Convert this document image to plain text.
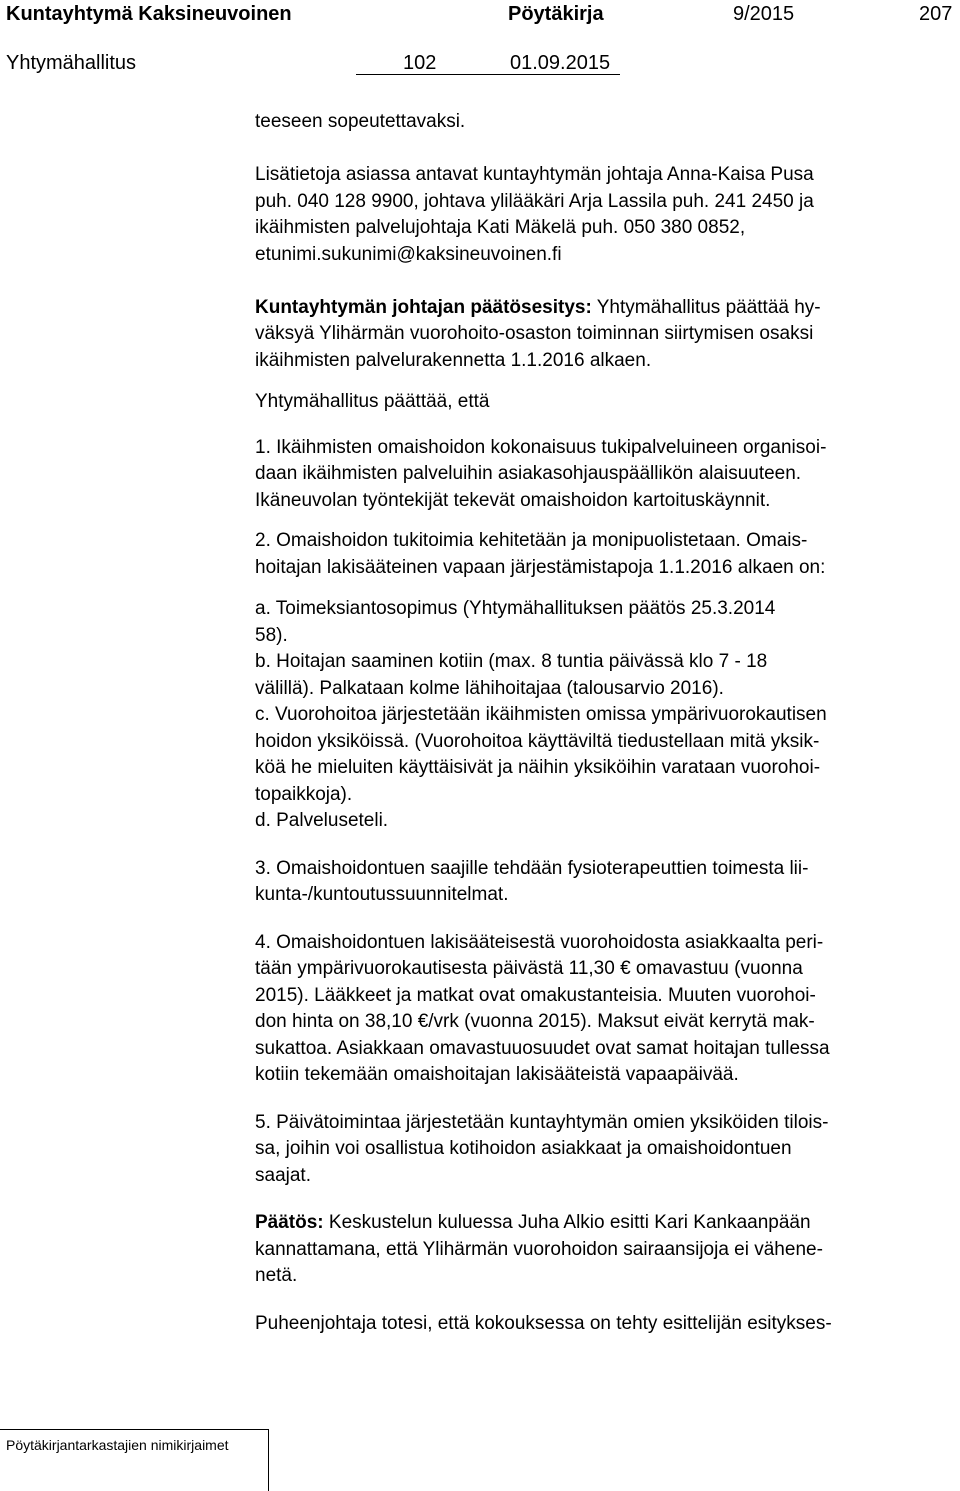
Kuntayhtymä Kaksineuvoinen	Pöytäkirja	9/2015	207
Yhtymähallitus	102	01.09.2015

teeseen sopeutettavaksi.

Lisätietoja asiassa antavat kuntayhtymän johtaja Anna-Kaisa Pusa

puh. 040 128 9900, johtava ylilääkäri Arja Lassila puh. 241 2450 ja

ikäihmisten palvelujohtaja Kati Mäkelä puh. 050 380 0852,

etunimi.sukunimi@kaksineuvoinen.fi

Kuntayhtymän johtajan päätösesitys: Yhtymähallitus päättää hy-

väksyä Ylihärmän vuorohoito-osaston toiminnan siirtymisen osaksi

ikäihmisten palvelurakennetta 1.1.2016 alkaen.

Yhtymähallitus päättää, että

1. Ikäihmisten omaishoidon kokonaisuus tukipalveluineen organisoi-

daan ikäihmisten palveluihin asiakasohjauspäällikön alaisuuteen.

Ikäneuvolan työntekijät tekevät omaishoidon kartoituskäynnit.

2. Omaishoidon tukitoimia kehitetään ja monipuolistetaan. Omais-

hoitajan lakisääteinen vapaan järjestämistapoja 1.1.2016 alkaen on:

a. Toimeksiantosopimus (Yhtymähallituksen päätös 25.3.2014

58).

b. Hoitajan saaminen kotiin (max. 8 tuntia päivässä klo 7 - 18

välillä). Palkataan kolme lähihoitajaa (talousarvio 2016).

c. Vuorohoitoa järjestetään ikäihmisten omissa ympärivuorokautisen

hoidon yksiköissä. (Vuorohoitoa käyttäviltä tiedustellaan mitä yksik-

köä he mieluiten käyttäisivät ja näihin yksiköihin varataan vuorohoi-

topaikkoja).

d. Palveluseteli.

3. Omaishoidontuen saajille tehdään fysioterapeuttien toimesta lii-

kunta-/kuntoutussuunnitelmat.

4. Omaishoidontuen lakisääteisestä vuorohoidosta asiakkaalta peri-

tään ympärivuorokautisesta päivästä 11,30 € omavastuu (vuonna

2015). Lääkkeet ja matkat ovat omakustanteisia. Muuten vuorohoi-

don hinta on 38,10 €/vrk (vuonna 2015). Maksut eivät kerrytä mak-

sukattoa. Asiakkaan omavastuuosuudet ovat samat hoitajan tullessa

kotiin tekemään omaishoitajan lakisääteistä vapaapäivää.

5. Päivätoimintaa järjestetään kuntayhtymän omien yksiköiden tilois-

sa, joihin voi osallistua kotihoidon asiakkaat ja omaishoidontuen

saajat.

Päätös: Keskustelun kuluessa Juha Alkio esitti Kari Kankaanpään

kannattamana, että Ylihärmän vuorohoidon sairaansijoja ei vähene-

netä.

Puheenjohtaja totesi, että kokouksessa on tehty esittelijän esitykses-

Pöytäkirjantarkastajien nimikirjaimet
